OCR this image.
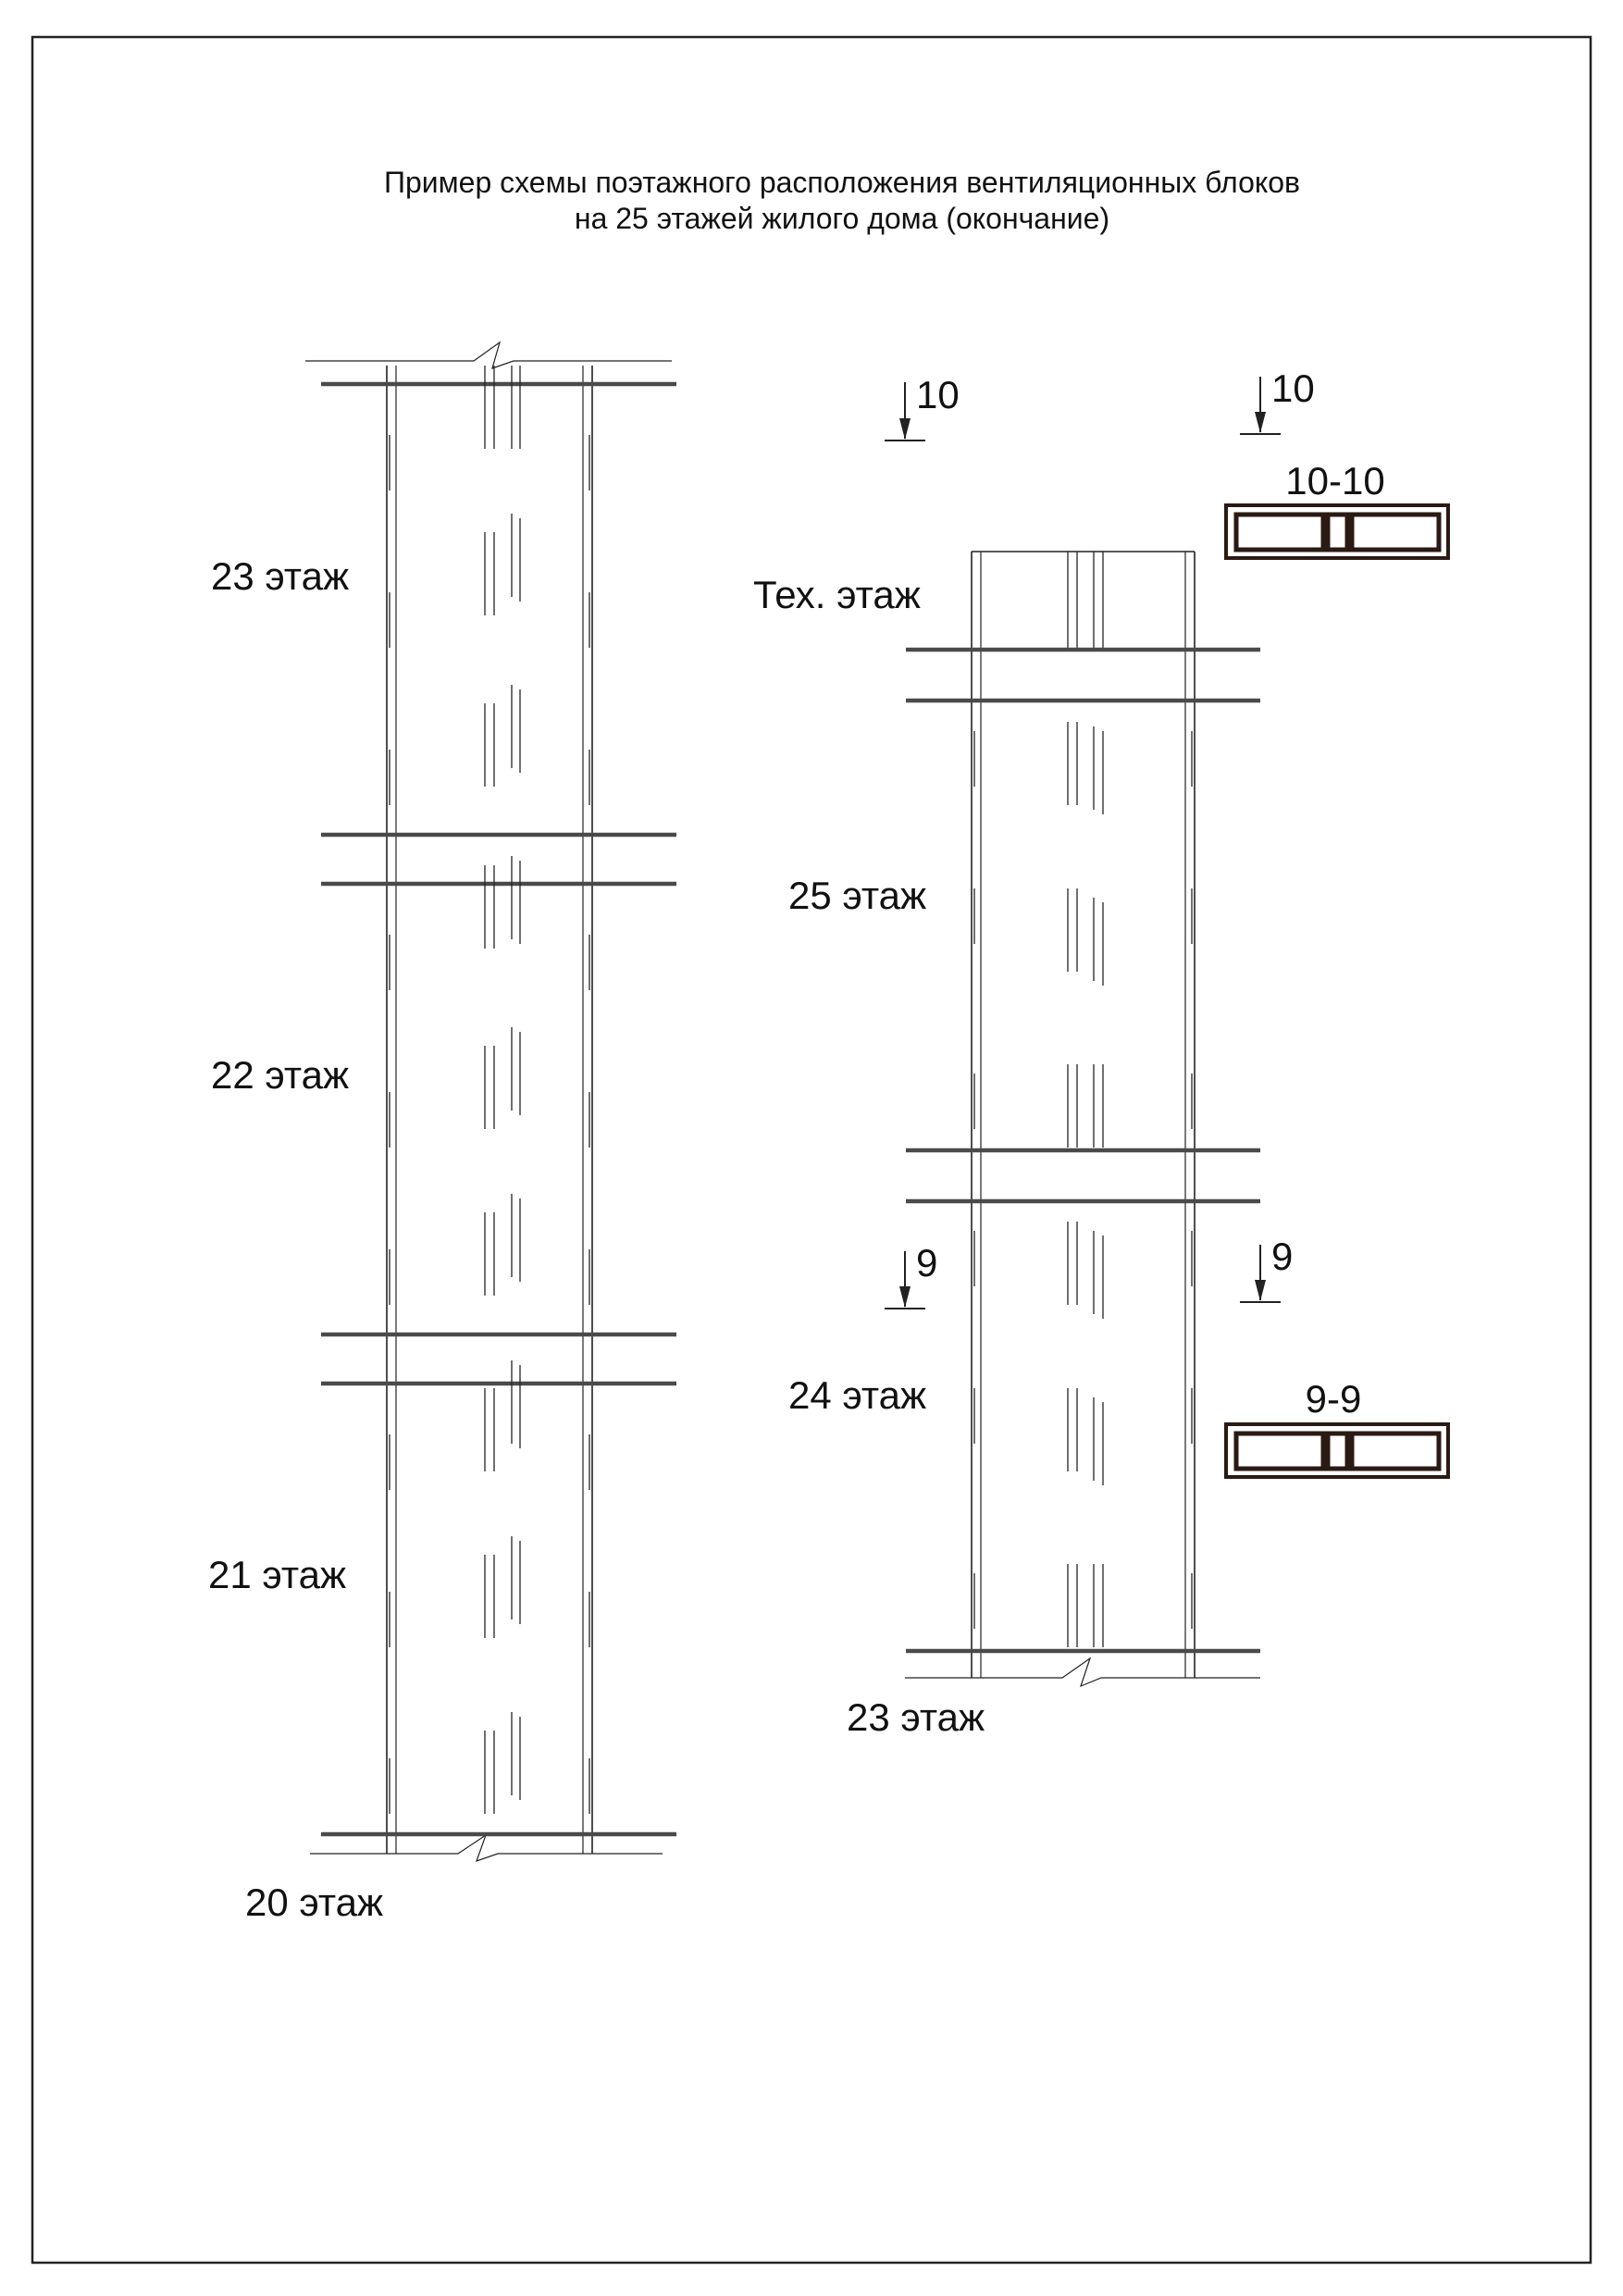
Пример схемы поэтажного расположения вентиляционных блоков
на 25 этажей жилого дома (окончание)
23 этаж
22 этаж
21 этаж
20 этаж
Тех. этаж
25 этаж
24 этаж
23 этаж
10	10
9	9
10-10
9-9
